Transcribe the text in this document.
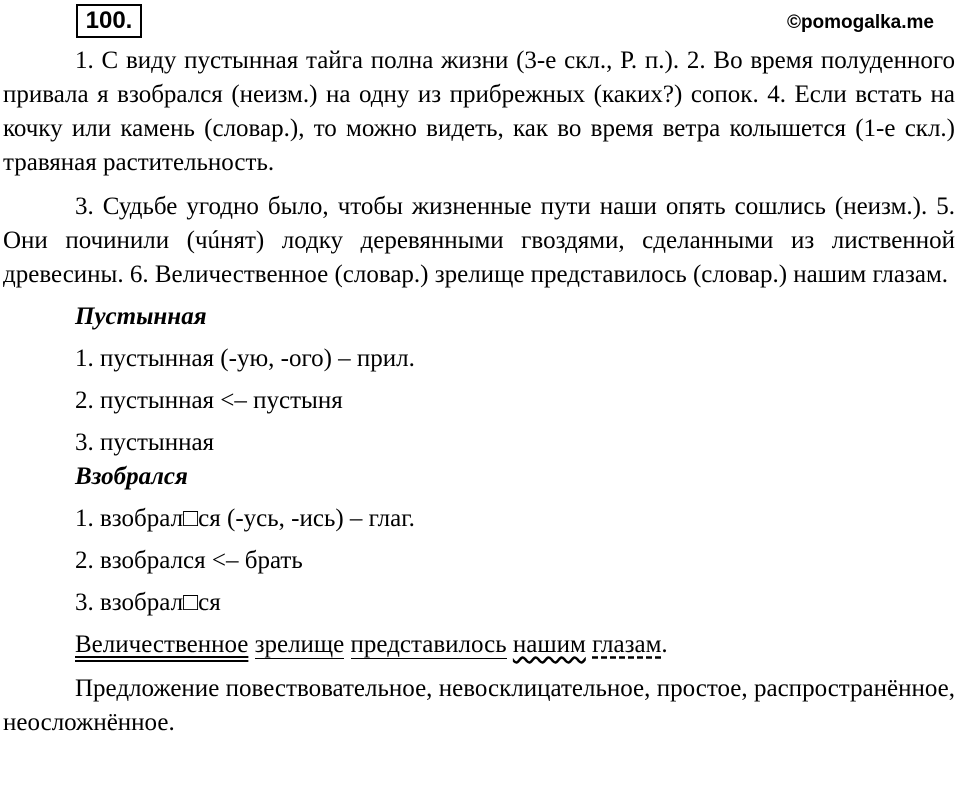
100.	©pomogalka.me

1. С виду пустынная тайга полна жизни (3-е скл., Р. п.). 2. Во время полуденного привала я взобрался (неизм.) на одну из прибрежных (каких?) сопок. 4. Если встать на кочку или камень (словар.), то можно видеть, как во время ветра колышется (1-е скл.) травяная растительность.

3. Судьбе угодно было, чтобы жизненные пути наши опять сошлись (неизм.). 5. Они починили (чúнят) лодку деревянными гвоздями, сделанными из лиственной древесины. 6. Величественное (словар.) зрелище представилось (словар.) нашим глазам.

Пустынная
1. пустынная (-ую, -ого) – прил.
2. пустынная <– пустыня
3. пустынная
Взобрался
1. взобрал□ся (-усь, -ись) – глаг.
2. взобрался <– брать
3. взобрал□ся
Величественное зрелище представилось нашим глазам.

Предложение повествовательное, невосклицательное, простое, распространённое, неосложнённое.
